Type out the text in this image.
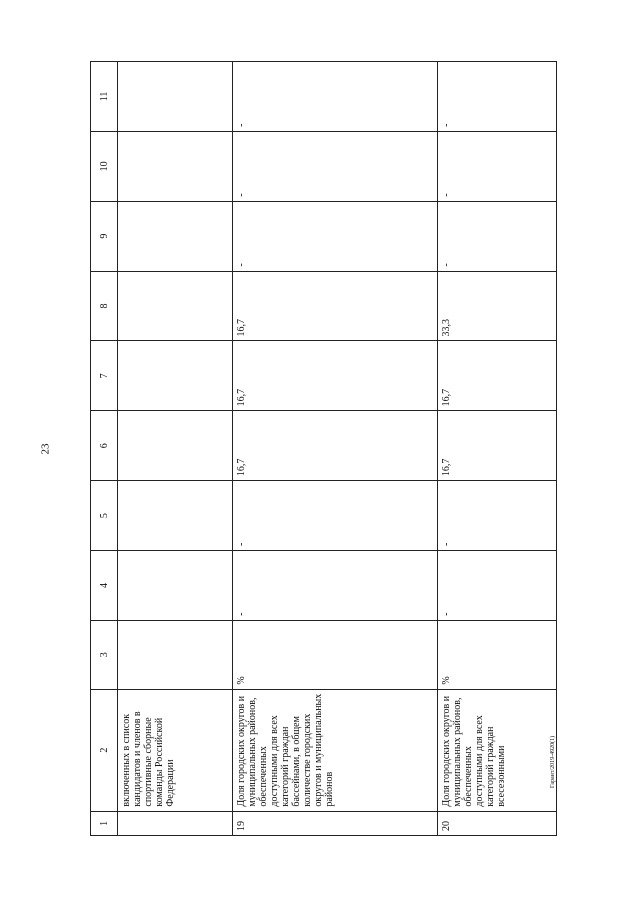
23
Гарант/2019-4920(1)
1	2	3	4	5	6	7	8	9	10	11
	включенных в список кандидатов и членов в спортивные сборные команды Российской Федерации									
19	Доля городских округов и муниципальных районов, обеспеченных доступными для всех категорий граждан бассейнами, в общем количестве городских округов и муниципальных районов	%	-	-	16,7	16,7	16,7	-	-	-
20	Доля городских округов и муниципальных районов, обеспеченных доступными для всех категорий граждан всесезонными	%	-	-	16,7	16,7	33,3	-	-	-
